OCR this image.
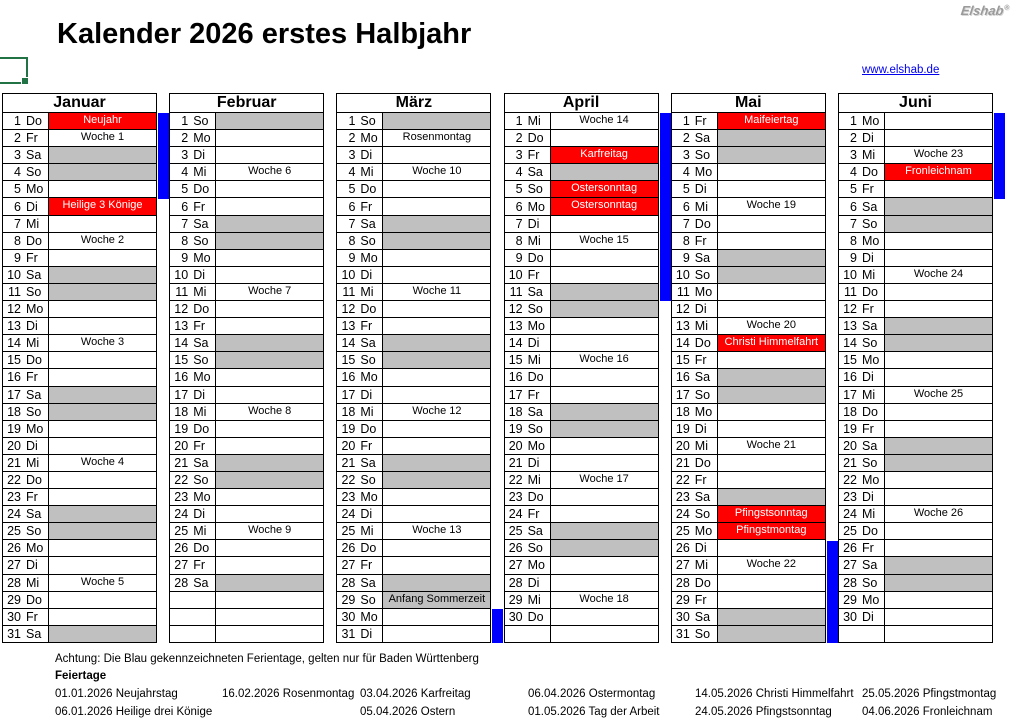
Kalender 2026 erstes Halbjahr
Elshab®
www.elshab.de
Januar
1 Do	Neujahr
2 Fr	Woche 1
3 Sa
4 So
5 Mo
6 Di	Heilige 3 Könige
7 Mi
8 Do	Woche 2
9 Fr
10 Sa
11 So
12 Mo
13 Di
14 Mi	Woche 3
15 Do
16 Fr
17 Sa
18 So
19 Mo
20 Di
21 Mi	Woche 4
22 Do
23 Fr
24 Sa
25 So
26 Mo
27 Di
28 Mi	Woche 5
29 Do
30 Fr
31 Sa
Februar
1 So
2 Mo
3 Di
4 Mi	Woche 6
5 Do
6 Fr
7 Sa
8 So
9 Mo
10 Di
11 Mi	Woche 7
12 Do
13 Fr
14 Sa
15 So
16 Mo
17 Di
18 Mi	Woche 8
19 Do
20 Fr
21 Sa
22 So
23 Mo
24 Di
25 Mi	Woche 9
26 Do
27 Fr
28 Sa
März
1 So
2 Mo	Rosenmontag
3 Di
4 Mi	Woche 10
5 Do
6 Fr
7 Sa
8 So
9 Mo
10 Di
11 Mi	Woche 11
12 Do
13 Fr
14 Sa
15 So
16 Mo
17 Di
18 Mi	Woche 12
19 Do
20 Fr
21 Sa
22 So
23 Mo
24 Di
25 Mi	Woche 13
26 Do
27 Fr
28 Sa
29 So	Anfang Sommerzeit
30 Mo
31 Di
April
1 Mi	Woche 14
2 Do
3 Fr	Karfreitag
4 Sa
5 So	Ostersonntag
6 Mo	Ostersonntag
7 Di
8 Mi	Woche 15
9 Do
10 Fr
11 Sa
12 So
13 Mo
14 Di
15 Mi	Woche 16
16 Do
17 Fr
18 Sa
19 So
20 Mo
21 Di
22 Mi	Woche 17
23 Do
24 Fr
25 Sa
26 So
27 Mo
28 Di
29 Mi	Woche 18
30 Do
Mai
1 Fr	Maifeiertag
2 Sa
3 So
4 Mo
5 Di
6 Mi	Woche 19
7 Do
8 Fr
9 Sa
10 So
11 Mo
12 Di
13 Mi	Woche 20
14 Do	Christi Himmelfahrt
15 Fr
16 Sa
17 So
18 Mo
19 Di
20 Mi	Woche 21
21 Do
22 Fr
23 Sa
24 So	Pfingstsonntag
25 Mo	Pfingstmontag
26 Di
27 Mi	Woche 22
28 Do
29 Fr
30 Sa
31 So
Juni
1 Mo
2 Di
3 Mi	Woche 23
4 Do	Fronleichnam
5 Fr
6 Sa
7 So
8 Mo
9 Di
10 Mi	Woche 24
11 Do
12 Fr
13 Sa
14 So
15 Mo
16 Di
17 Mi	Woche 25
18 Do
19 Fr
20 Sa
21 So
22 Mo
23 Di
24 Mi	Woche 26
25 Do
26 Fr
27 Sa
28 So
29 Mo
30 Di
Achtung: Die Blau gekennzeichneten Ferientage, gelten nur für Baden Württenberg
Feiertage
01.01.2026 Neujahrstag	16.02.2026 Rosenmontag 03.04.2026 Karfreitag	06.04.2026 Ostermontag	14.05.2026 Christi Himmelfahrt 25.05.2026 Pfingstmontag
06.01.2026 Heilige drei Könige	05.04.2026 Ostern	01.05.2026 Tag der Arbeit	24.05.2026 Pfingstsonntag	04.06.2026 Fronleichnam
